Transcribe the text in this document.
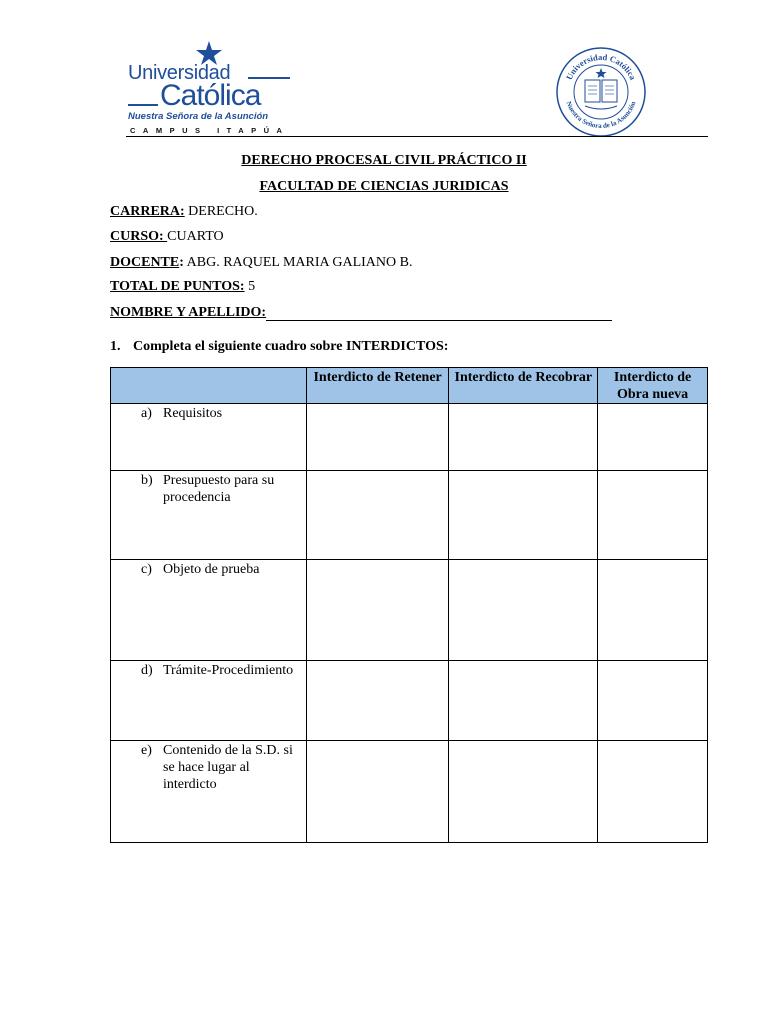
Universidad
Católica
Nuestra Señora de la Asunción
CAMPUS ITAPÚA
Universidad Católica
Nuestra Señora de la Asunción
DERECHO PROCESAL CIVIL PRÁCTICO II
FACULTAD DE CIENCIAS JURIDICAS
CARRERA: DERECHO.
CURSO: CUARTO
DOCENTE: ABG. RAQUEL MARIA GALIANO B.
TOTAL DE PUNTOS: 5
NOMBRE Y APELLIDO:
1. Completa el siguiente cuadro sobre INTERDICTOS:
	Interdicto de Retener	Interdicto de Recobrar	Interdicto de Obra nueva

a) Requisitos			

b) Presupuesto para su procedencia			

c) Objeto de prueba			

d) Trámite-Procedimiento			

e) Contenido de la S.D. si se hace lugar al interdicto			
